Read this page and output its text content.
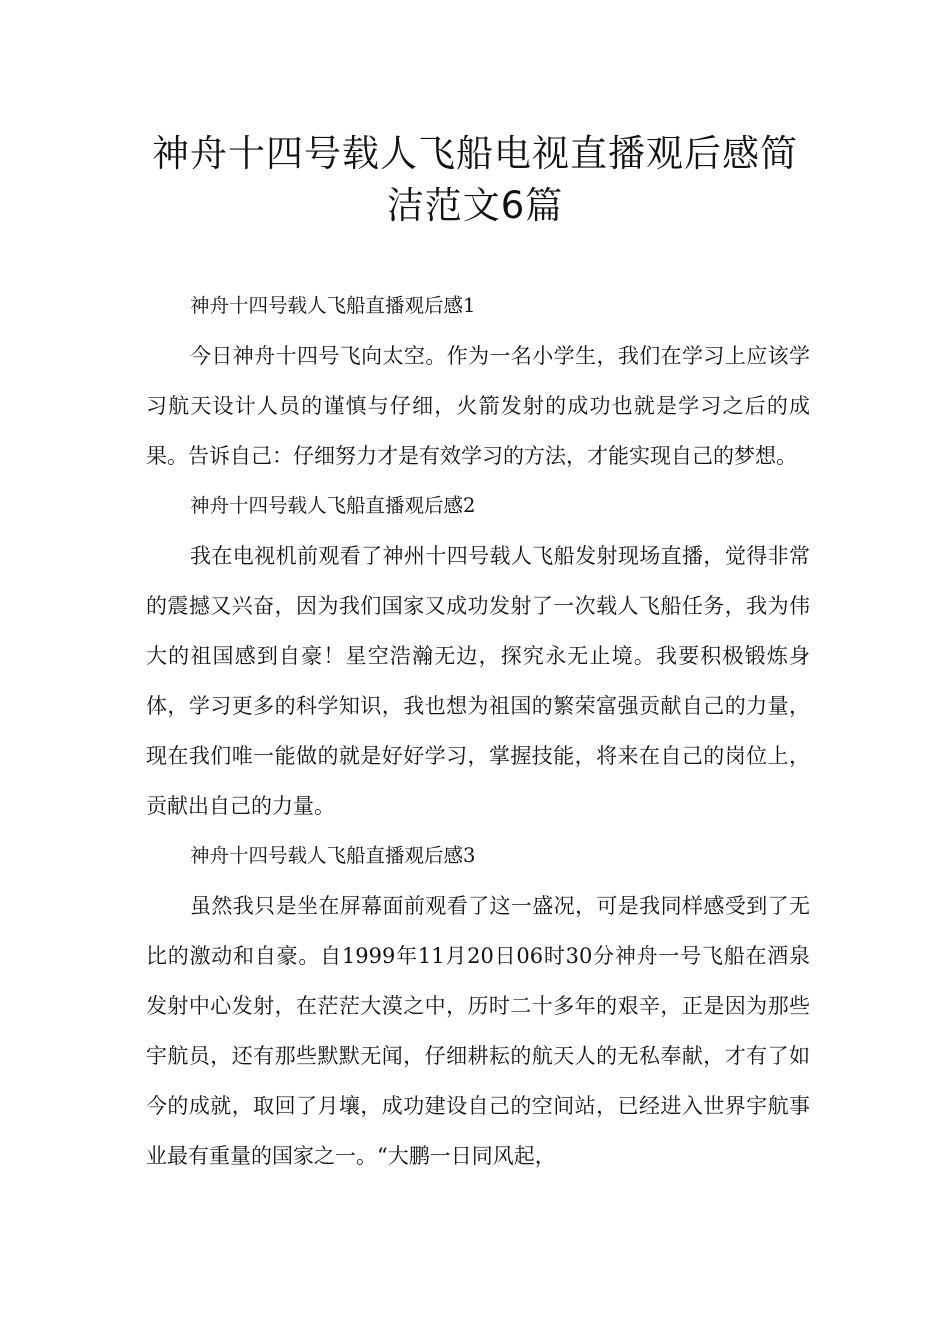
神舟十四号载人飞船电视直播观后感简
洁范文6篇

神舟十四号载人飞船直播观后感1

今日神舟十四号飞向太空。作为一名小学生，我们在学习上应该学习航天设计人员的谨慎与仔细，火箭发射的成功也就是学习之后的成果。告诉自己：仔细努力才是有效学习的方法，才能实现自己的梦想。

神舟十四号载人飞船直播观后感2

我在电视机前观看了神州十四号载人飞船发射现场直播，觉得非常的震撼又兴奋，因为我们国家又成功发射了一次载人飞船任务，我为伟大的祖国感到自豪！星空浩瀚无边，探究永无止境。我要积极锻炼身体，学习更多的科学知识，我也想为祖国的繁荣富强贡献自己的力量，现在我们唯一能做的就是好好学习，掌握技能，将来在自己的岗位上，贡献出自己的力量。

神舟十四号载人飞船直播观后感3

虽然我只是坐在屏幕面前观看了这一盛况，可是我同样感受到了无比的激动和自豪。自1999年11月20日06时30分神舟一号飞船在酒泉发射中心发射，在茫茫大漠之中，历时二十多年的艰辛，正是因为那些宇航员，还有那些默默无闻，仔细耕耘的航天人的无私奉献，才有了如今的成就，取回了月壤，成功建设自己的空间站，已经进入世界宇航事业最有重量的国家之一。“大鹏一日同风起，
